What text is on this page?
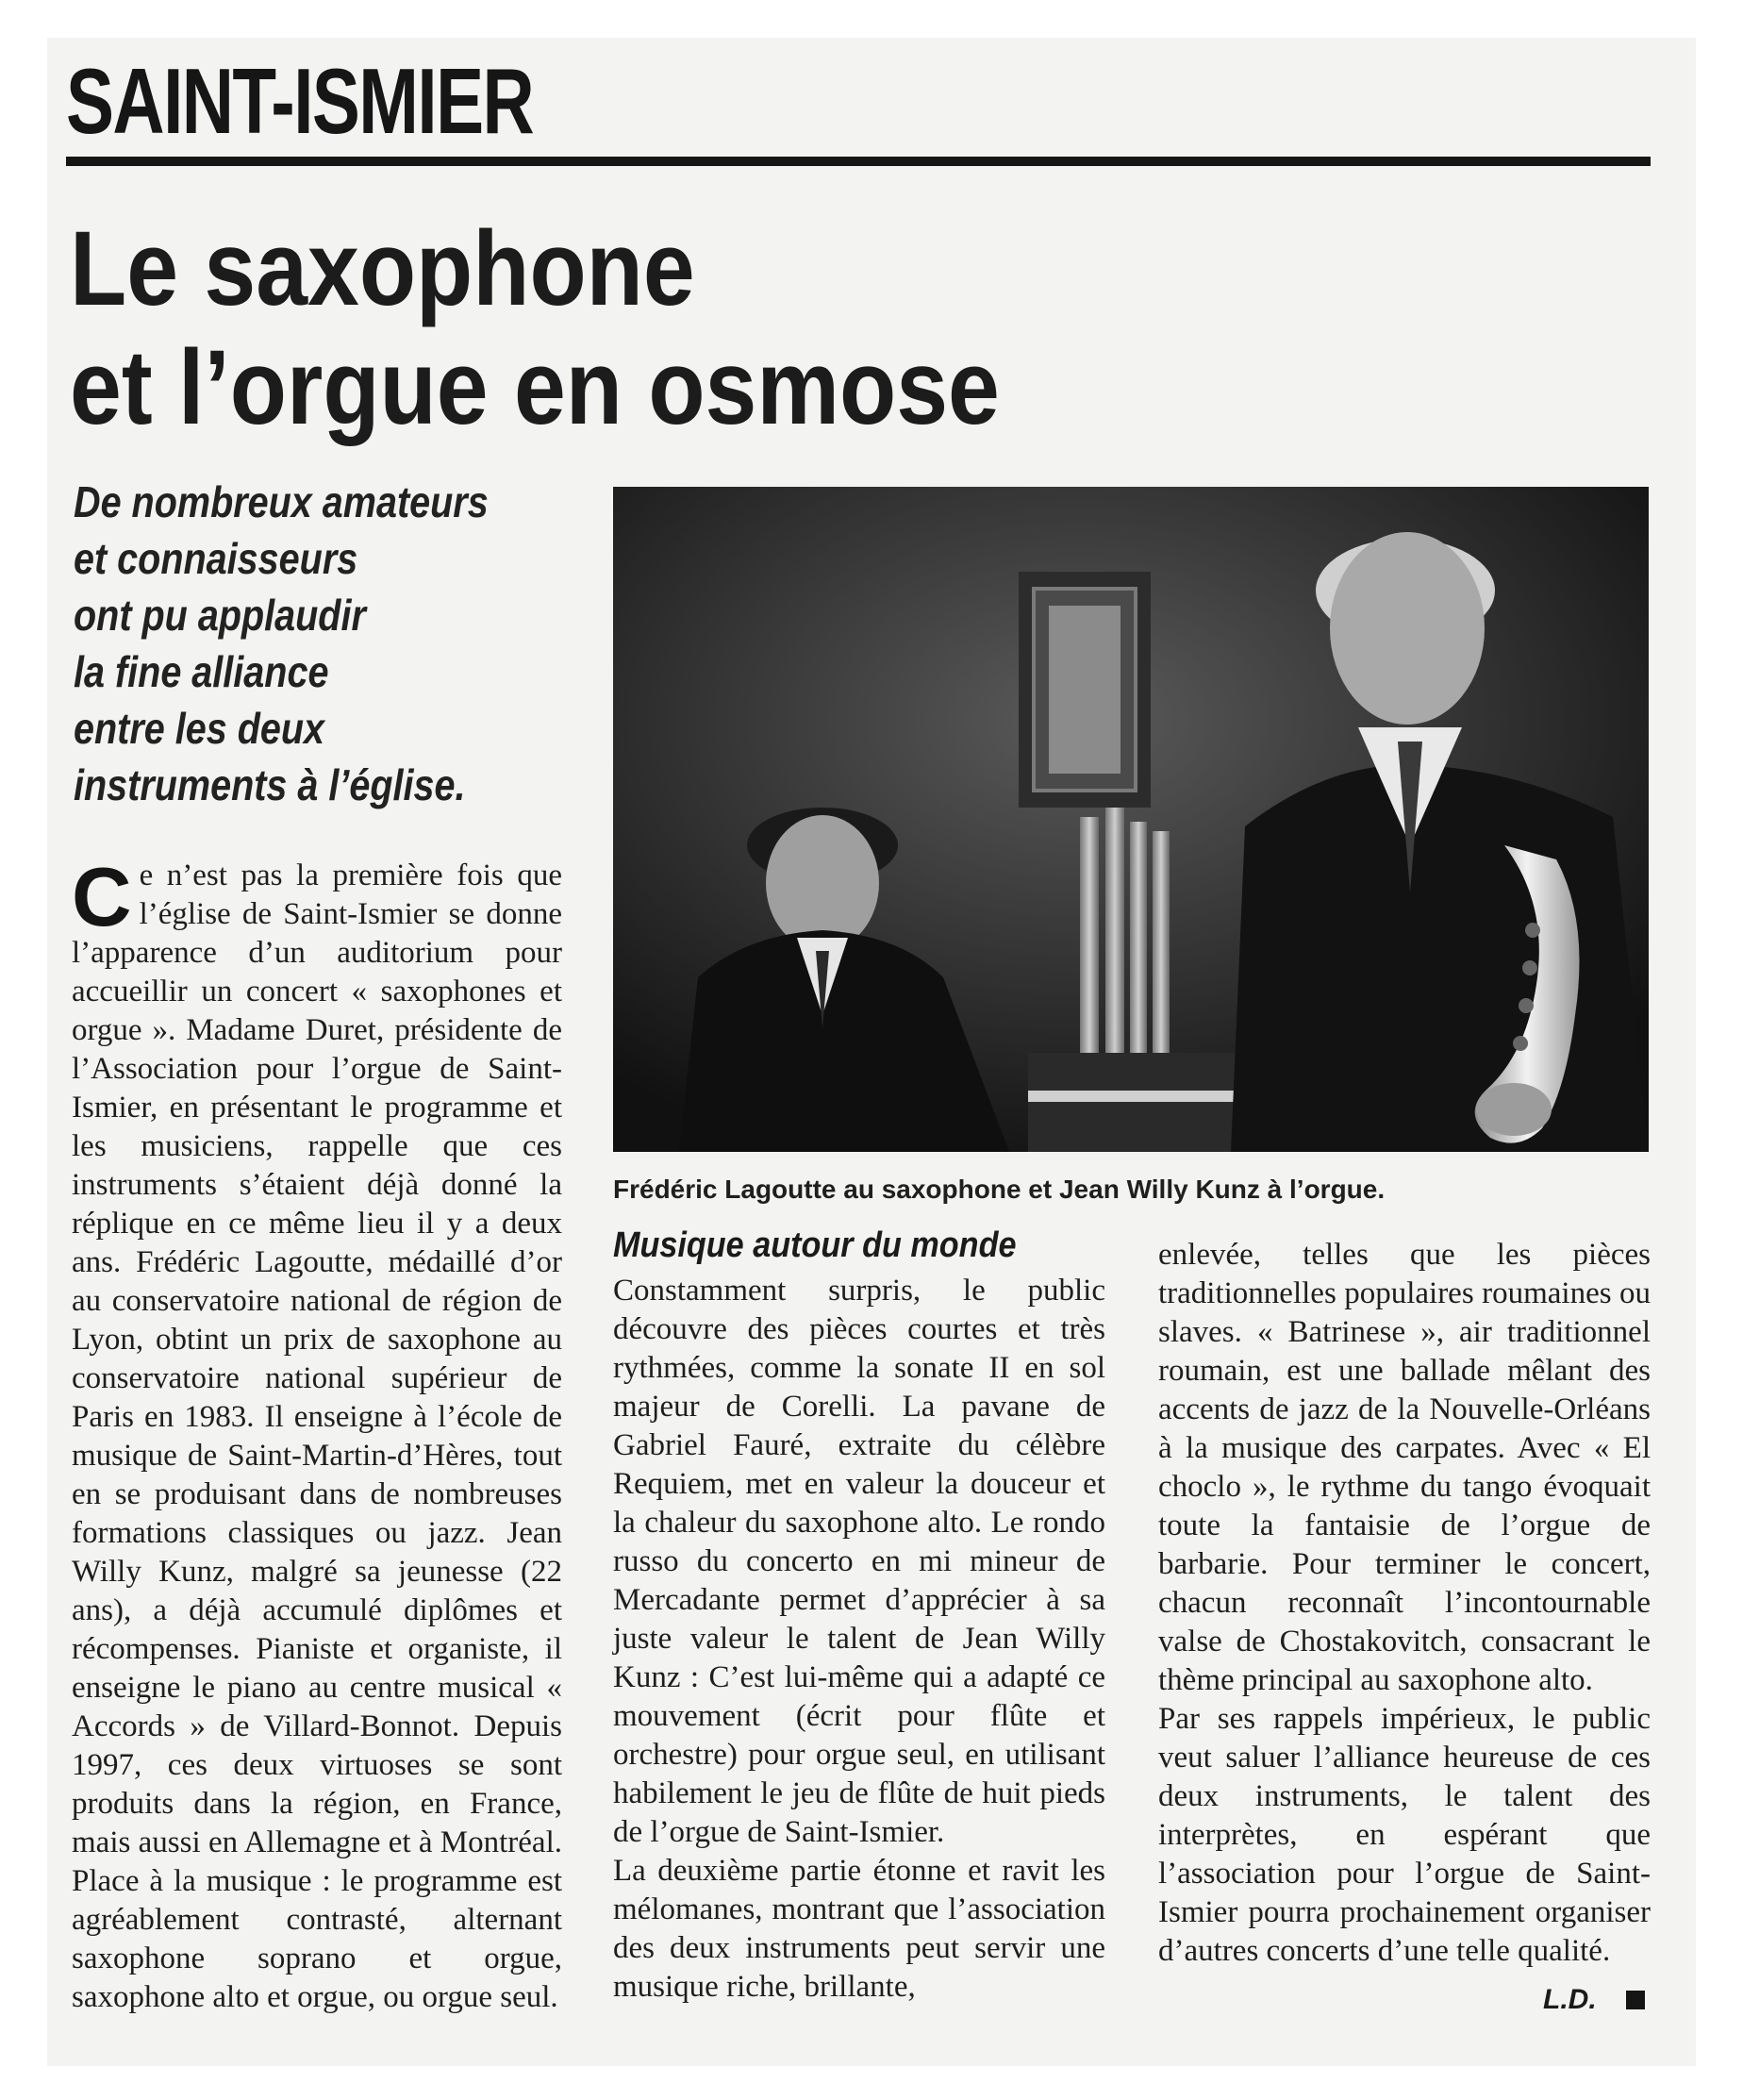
SAINT-ISMIER
Le saxophone
et l’orgue en osmose

De nombreux amateurs
et connaisseurs
ont pu applaudir
la fine alliance
entre les deux
instruments à l’église.

Frédéric Lagoutte au saxophone et Jean Willy Kunz à l’orgue.

Ce n’est pas la première fois que l’église de Saint-Ismier se donne l’apparence d’un auditorium pour accueillir un concert « saxophones et orgue ». Madame Duret, présidente de l’Association pour l’orgue de Saint-Ismier, en présentant le programme et les musiciens, rappelle que ces instruments s’étaient déjà donné la réplique en ce même lieu il y a deux ans. Frédéric Lagoutte, médaillé d’or au conservatoire national de région de Lyon, obtint un prix de saxophone au conservatoire national supérieur de Paris en 1983. Il enseigne à l’école de musique de Saint-Martin-d’Hères, tout en se produisant dans de nombreuses formations classiques ou jazz. Jean Willy Kunz, malgré sa jeunesse (22 ans), a déjà accumulé diplômes et récompenses. Pianiste et organiste, il enseigne le piano au centre musical « Accords » de Villard-Bonnot. Depuis 1997, ces deux virtuoses se sont produits dans la région, en France, mais aussi en Allemagne et à Montréal. Place à la musique : le programme est agréablement contrasté, alternant saxophone soprano et orgue, saxophone alto et orgue, ou orgue seul.

Musique autour du monde

Constamment surpris, le public découvre des pièces courtes et très rythmées, comme la sonate II en sol majeur de Corelli. La pavane de Gabriel Fauré, extraite du célèbre Requiem, met en valeur la douceur et la chaleur du saxophone alto. Le rondo russo du concerto en mi mineur de Mercadante permet d’apprécier à sa juste valeur le talent de Jean Willy Kunz : C’est lui-même qui a adapté ce mouvement (écrit pour flûte et orchestre) pour orgue seul, en utilisant habilement le jeu de flûte de huit pieds de l’orgue de Saint-Ismier.

La deuxième partie étonne et ravit les mélomanes, montrant que l’association des deux instruments peut servir une musique riche, brillante,

enlevée, telles que les pièces traditionnelles populaires roumaines ou slaves. « Batrinese », air traditionnel roumain, est une ballade mêlant des accents de jazz de la Nouvelle-Orléans à la musique des carpates. Avec « El choclo », le rythme du tango évoquait toute la fantaisie de l’orgue de barbarie. Pour terminer le concert, chacun reconnaît l’incontournable valse de Chostakovitch, consacrant le thème principal au saxophone alto.

Par ses rappels impérieux, le public veut saluer l’alliance heureuse de ces deux instruments, le talent des interprètes, en espérant que l’association pour l’orgue de Saint-Ismier pourra prochainement organiser d’autres concerts d’une telle qualité.

L.D.
